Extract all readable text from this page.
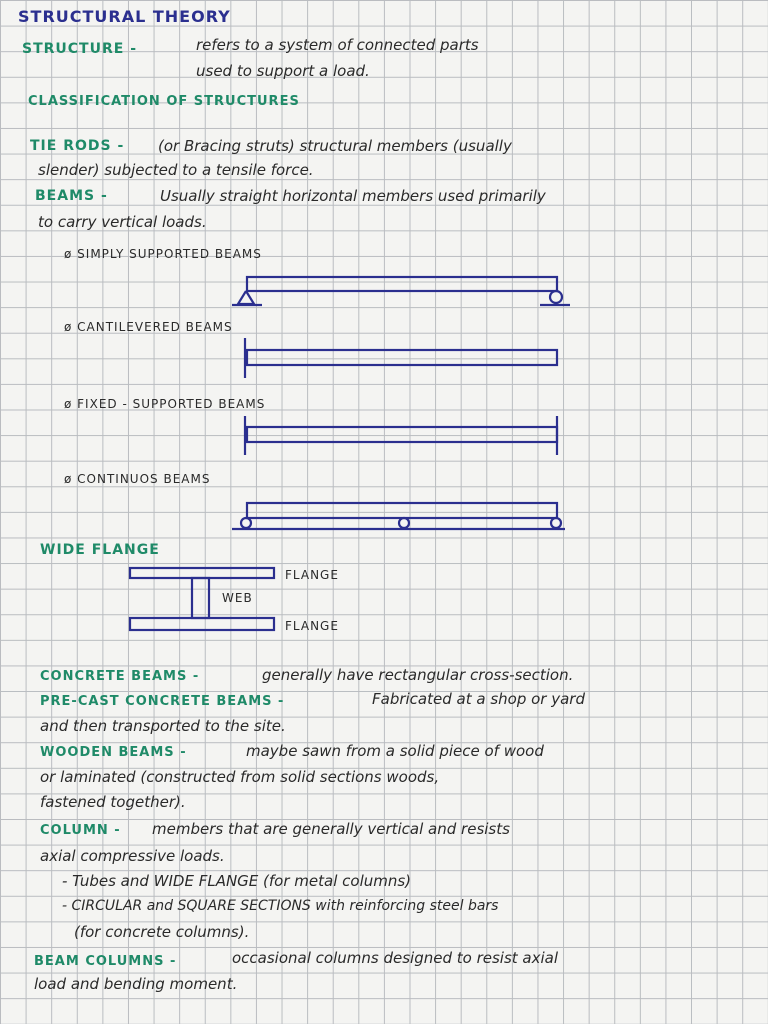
STRUCTURAL THEORY
STRUCTURE -	refers to a system of connected parts
used to support a load.
CLASSIFICATION OF STRUCTURES
TIE RODS - (or Bracing struts) structural members (usually
slender) subjected to a tensile force.
BEAMS -	Usually straight horizontal members used primarily
to carry vertical loads.
ø SIMPLY SUPPORTED BEAMS
ø CANTILEVERED BEAMS
ø FIXED - SUPPORTED BEAMS
ø CONTINUOS BEAMS
WIDE FLANGE
FLANGE
WEB
FLANGE
CONCRETE BEAMS -	generally have rectangular cross-section.
PRE-CAST CONCRETE BEAMS -	Fabricated at a shop or yard
and then transported to the site.
WOODEN BEAMS -	maybe sawn from a solid piece of wood
or laminated (constructed from solid sections woods,
fastened together).
COLUMN - members that are generally vertical and resists
axial compressive loads.
- Tubes and WIDE FLANGE (for metal columns)
- CIRCULAR and SQUARE SECTIONS with reinforcing steel bars
(for concrete columns).
BEAM COLUMNS -	occasional columns designed to resist axial
load and bending moment.
